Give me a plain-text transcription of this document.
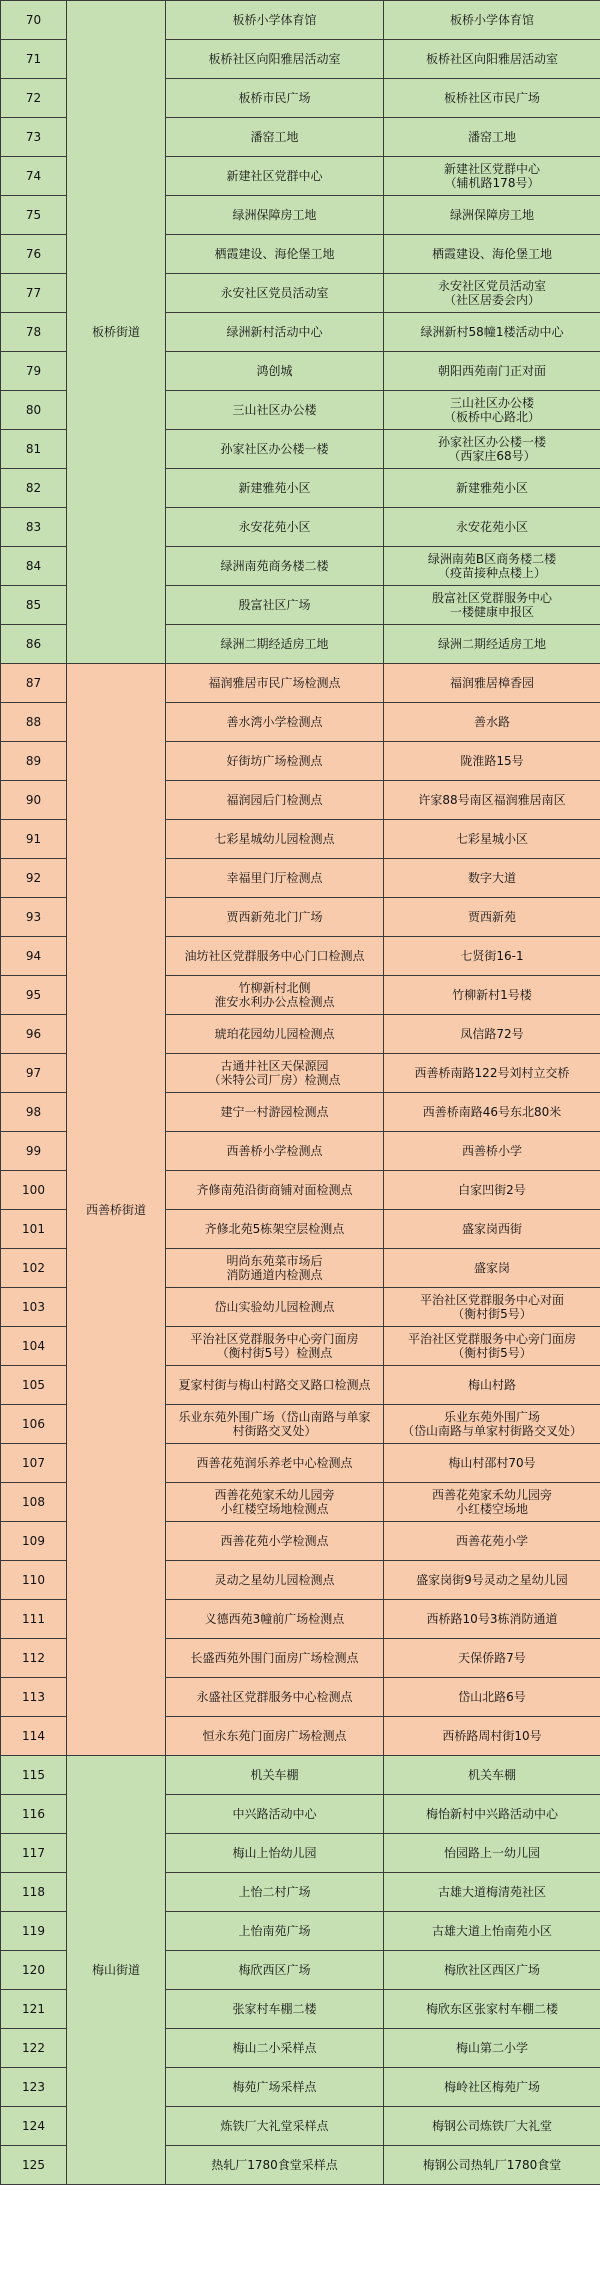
70	板桥街道	板桥小学体育馆	板桥小学体育馆
71		板桥社区向阳雅居活动室	板桥社区向阳雅居活动室
72		板桥市民广场	板桥社区市民广场
73		潘窑工地	潘窑工地
74		新建社区党群中心	新建社区党群中心
（辅机路178号）
75		绿洲保障房工地	绿洲保障房工地
76		栖霞建设、海伦堡工地	栖霞建设、海伦堡工地
77		永安社区党员活动室	永安社区党员活动室
（社区居委会内）
78		绿洲新村活动中心	绿洲新村58幢1楼活动中心
79		鸿创城	朝阳西苑南门正对面
80		三山社区办公楼	三山社区办公楼
（板桥中心路北）
81		孙家社区办公楼一楼	孙家社区办公楼一楼
（西家庄68号）
82		新建雅苑小区	新建雅苑小区
83		永安花苑小区	永安花苑小区
84		绿洲南苑商务楼二楼	绿洲南苑B区商务楼二楼
（疫苗接种点楼上）
85		殷富社区广场	殷富社区党群服务中心
一楼健康申报区
86		绿洲二期经适房工地	绿洲二期经适房工地
87	西善桥街道	福润雅居市民广场检测点	福润雅居樟香园
88		善水湾小学检测点	善水路
89		好街坊广场检测点	陇淮路15号
90		福润园后门检测点	许家88号南区福润雅居南区
91		七彩星城幼儿园检测点	七彩星城小区
92		幸福里门厅检测点	数字大道
93		贾西新苑北门广场	贾西新苑
94		油坊社区党群服务中心门口检测点	七贤街16-1
95		竹柳新村北侧
淮安水利办公点检测点	竹柳新村1号楼
96		琥珀花园幼儿园检测点	凤信路72号
97		古通井社区天保源园
（米特公司厂房）检测点	西善桥南路122号刘村立交桥
98		建宁一村游园检测点	西善桥南路46号东北80米
99		西善桥小学检测点	西善桥小学
100		齐修南苑沿街商铺对面检测点	白家凹街2号
101		齐修北苑5栋架空层检测点	盛家岗西街
102		明尚东苑菜市场后
消防通道内检测点	盛家岗
103		岱山实验幼儿园检测点	平治社区党群服务中心对面
（衡村街5号）
104		平治社区党群服务中心旁门面房
（衡村街5号）检测点	平治社区党群服务中心旁门面房
（衡村街5号）
105		夏家村街与梅山村路交叉路口检测点	梅山村路
106		乐业东苑外围广场（岱山南路与单家
村街路交叉处）	乐业东苑外围广场
（岱山南路与单家村街路交叉处）
107		西善花苑润乐养老中心检测点	梅山村邵村70号
108		西善花苑家禾幼儿园旁
小红楼空场地检测点	西善花苑家禾幼儿园旁
小红楼空场地
109		西善花苑小学检测点	西善花苑小学
110		灵动之星幼儿园检测点	盛家岗街9号灵动之星幼儿园
111		义德西苑3幢前广场检测点	西桥路10号3栋消防通道
112		长盛西苑外围门面房广场检测点	天保侨路7号
113		永盛社区党群服务中心检测点	岱山北路6号
114		恒永东苑门面房广场检测点	西桥路周村街10号
115	梅山街道	机关车棚	机关车棚
116		中兴路活动中心	梅怡新村中兴路活动中心
117		梅山上怡幼儿园	怡园路上一幼儿园
118		上怡二村广场	古雄大道梅清苑社区
119		上怡南苑广场	古雄大道上怡南苑小区
120		梅欣西区广场	梅欣社区西区广场
121		张家村车棚二楼	梅欣东区张家村车棚二楼
122		梅山二小采样点	梅山第二小学
123		梅苑广场采样点	梅岭社区梅苑广场
124		炼铁厂大礼堂采样点	梅钢公司炼铁厂大礼堂
125		热轧厂1780食堂采样点	梅钢公司热轧厂1780食堂
